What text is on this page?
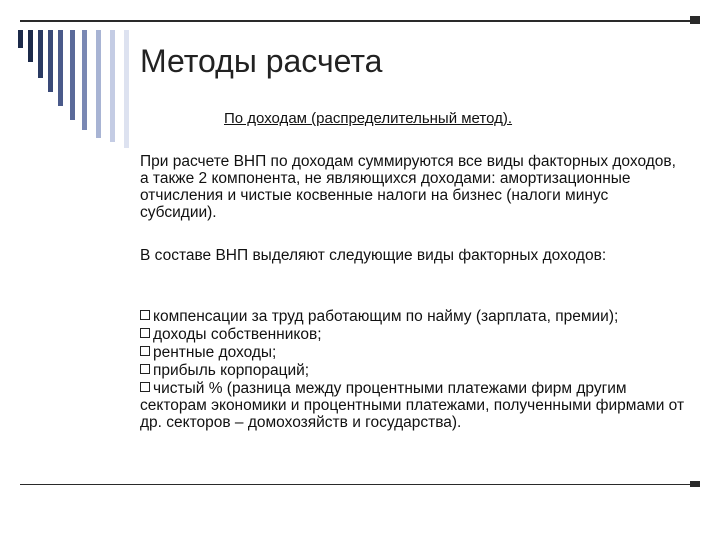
Методы расчета

По доходам (распределительный метод).

При расчете ВНП по доходам суммируются все виды факторных доходов, а также 2 компонента, не являющихся доходами: амортизационные отчисления и чистые косвенные налоги на бизнес (налоги минус субсидии).

В составе ВНП выделяют следующие виды факторных доходов:

компенсации за труд работающим по найму (зарплата, премии);
доходы собственников;
рентные доходы;
прибыль корпораций;
чистый % (разница между процентными платежами фирм другим секторам экономики и процентными платежами, полученными фирмами от др. секторов – домохозяйств и государства).
